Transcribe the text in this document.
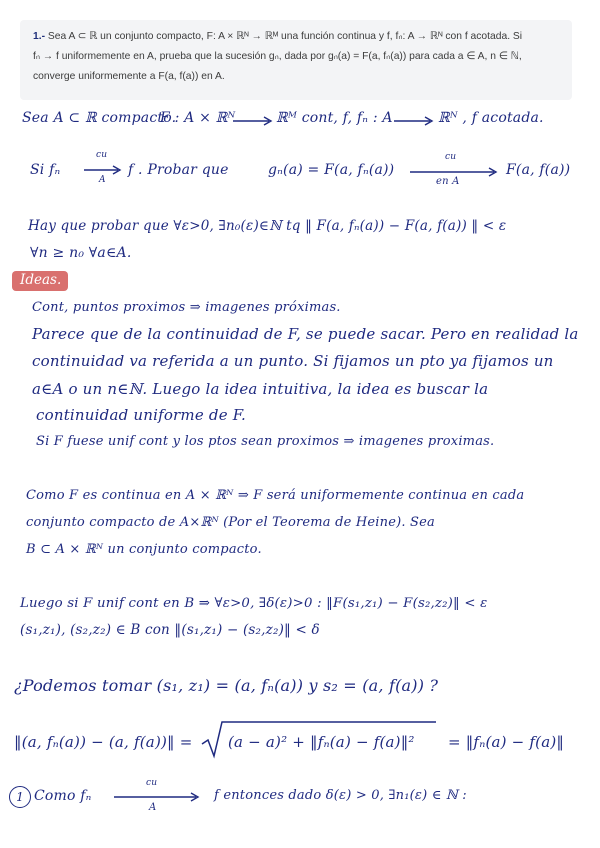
1.- Sea A ⊂ ℝ un conjunto compacto, F: A × ℝᴺ → ℝᴹ una función continua y f, fₙ: A → ℝᴺ con f acotada. Si
fₙ → f uniformemente en A, prueba que la sucesión gₙ, dada por gₙ(a) = F(a, fₙ(a)) para cada a ∈ A, n ∈ ℕ,
converge uniformemente a F(a, f(a)) en A.
Sea A ⊂ ℝ compacto.
F : A × ℝᴺ	ℝᴹ cont, f, fₙ : A	ℝᴺ , f acotada.
Si fₙ
cu
A
f . Probar que	gₙ(a) = F(a, fₙ(a))
cu
en A
F(a, f(a))
Hay que probar que ∀ε>0, ∃n₀(ε)∈ℕ tq ‖ F(a, fₙ(a)) − F(a, f(a)) ‖ < ε
∀n ≥ n₀ ∀a∈A.
Ideas.
Cont, puntos proximos ⇒ imagenes próximas.
Parece que de la continuidad de F, se puede sacar. Pero en realidad la
continuidad va referida a un punto. Si fijamos un pto ya fijamos un
a∈A o un n∈ℕ. Luego la idea intuitiva, la idea es buscar la
continuidad uniforme de F.
Si F fuese unif cont y los ptos sean proximos ⇒ imagenes proximas.
Como F es continua en A × ℝᴺ ⇒ F será uniformemente continua en cada
conjunto compacto de A×ℝᴺ (Por el Teorema de Heine). Sea
B ⊂ A × ℝᴺ un conjunto compacto.
Luego si F unif cont en B ⇒ ∀ε>0, ∃δ(ε)>0 : ‖F(s₁,z₁) − F(s₂,z₂)‖ < ε
(s₁,z₁), (s₂,z₂) ∈ B con ‖(s₁,z₁) − (s₂,z₂)‖ < δ
¿Podemos tomar (s₁, z₁) = (a, fₙ(a)) y s₂ = (a, f(a)) ?
‖(a, fₙ(a)) − (a, f(a))‖ = (a − a)² + ‖fₙ(a) − f(a)‖² = ‖fₙ(a) − f(a)‖
1 Como fₙ
cu
A
f entonces dado δ(ε) > 0, ∃n₁(ε) ∈ ℕ :
